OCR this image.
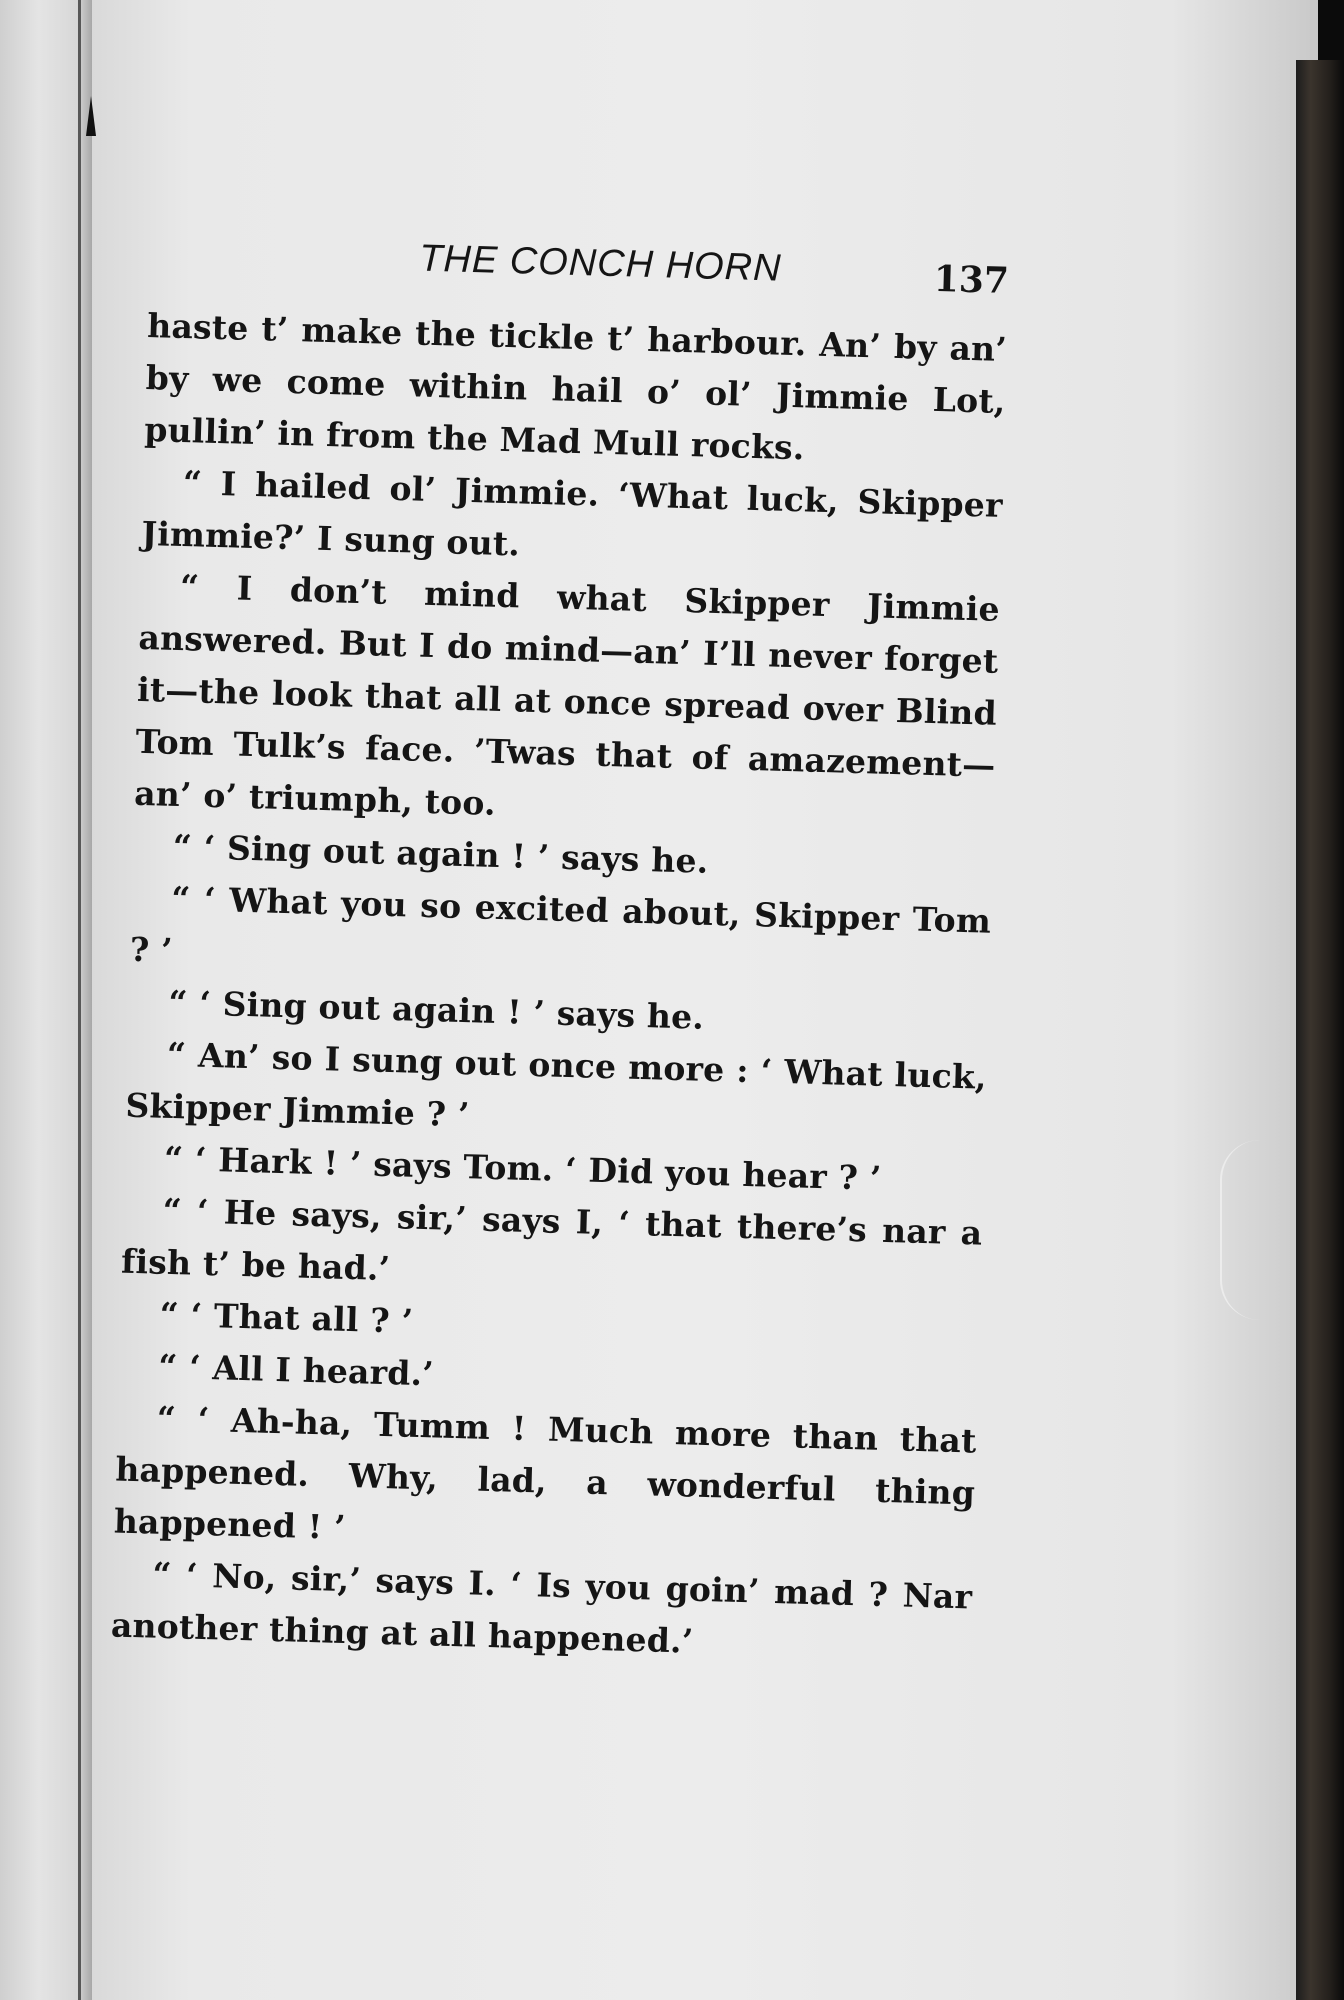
THE CONCH HORN	137

haste t’ make the tickle t’ harbour. An’ by an’ by we come within hail o’ ol’ Jimmie Lot, pullin’ in from the Mad Mull rocks.

“ I hailed ol’ Jimmie. ‘What luck, Skipper Jimmie?’ I sung out.

“ I don’t mind what Skipper Jimmie answered. But I do mind—an’ I’ll never forget it—the look that all at once spread over Blind Tom Tulk’s face. ’Twas that of amazement—an’ o’ triumph, too.

“ ‘ Sing out again ! ’ says he.

“ ‘ What you so excited about, Skipper Tom ? ’

“ ‘ Sing out again ! ’ says he.

“ An’ so I sung out once more : ‘ What luck, Skipper Jimmie ? ’

“ ‘ Hark ! ’ says Tom. ‘ Did you hear ? ’

“ ‘ He says, sir,’ says I, ‘ that there’s nar a fish t’ be had.’

“ ‘ That all ? ’

“ ‘ All I heard.’

“ ‘ Ah-ha, Tumm ! Much more than that happened. Why, lad, a wonderful thing happened ! ’

“ ‘ No, sir,’ says I. ‘ Is you goin’ mad ? Nar another thing at all happened.’
